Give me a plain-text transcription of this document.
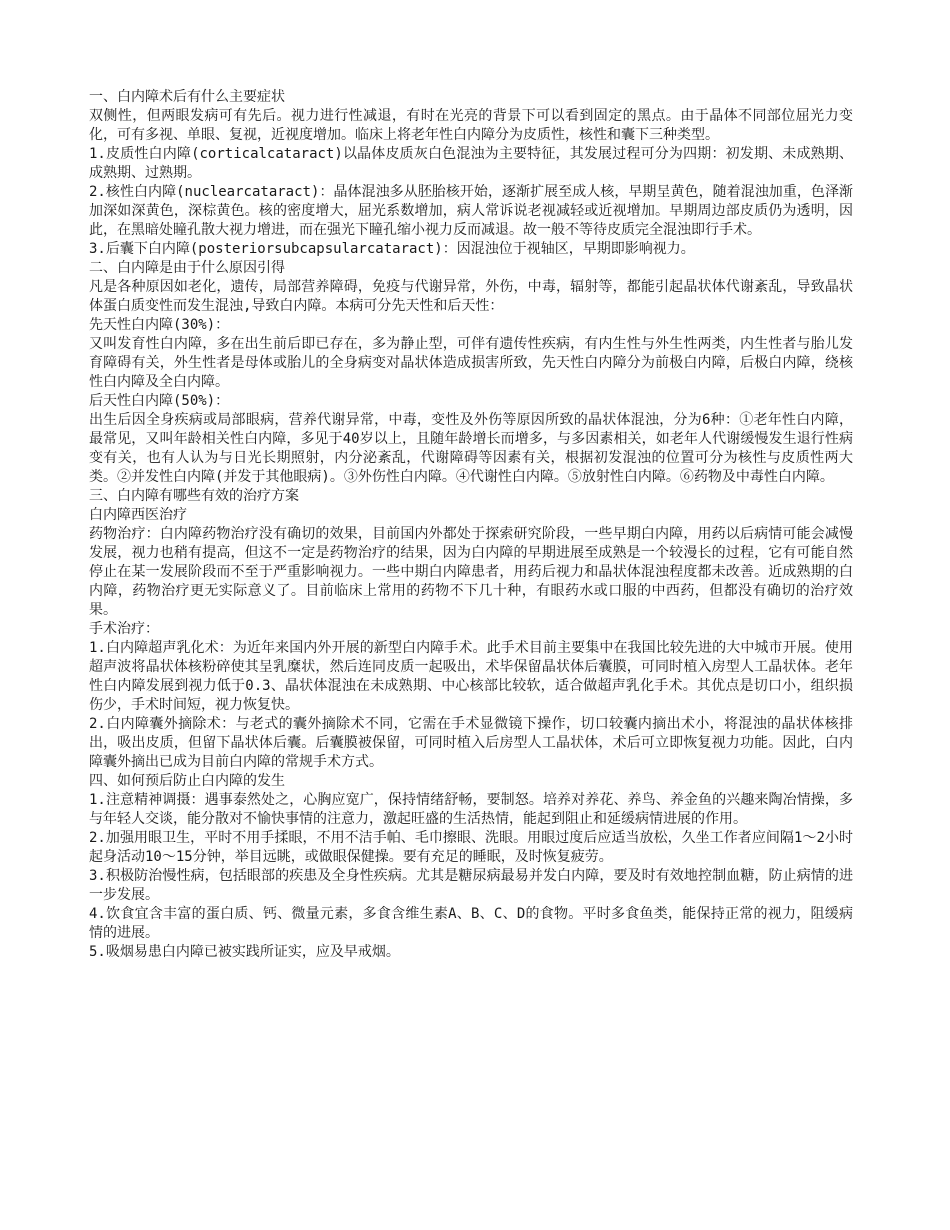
一、白内障术后有什么主要症状

双侧性，但两眼发病可有先后。视力进行性减退，有时在光亮的背景下可以看到固定的黑点。由于晶体不同部位屈光力变化，可有多视、单眼、复视，近视度增加。临床上将老年性白内障分为皮质性，核性和囊下三种类型。

1.皮质性白内障(corticalcataract)以晶体皮质灰白色混浊为主要特征，其发展过程可分为四期：初发期、未成熟期、成熟期、过熟期。

2.核性白内障(nuclearcataract)：晶体混浊多从胚胎核开始，逐渐扩展至成人核，早期呈黄色，随着混浊加重，色泽渐加深如深黄色，深棕黄色。核的密度增大，屈光系数增加，病人常诉说老视减轻或近视增加。早期周边部皮质仍为透明，因此，在黑暗处瞳孔散大视力增进，而在强光下瞳孔缩小视力反而减退。故一般不等待皮质完全混浊即行手术。

3.后囊下白内障(posteriorsubcapsularcataract)：因混浊位于视轴区，早期即影响视力。

二、白内障是由于什么原因引得

凡是各种原因如老化，遗传，局部营养障碍，免疫与代谢异常，外伤，中毒，辐射等，都能引起晶状体代谢紊乱，导致晶状体蛋白质变性而发生混浊,导致白内障。本病可分先天性和后天性：

先天性白内障(30%)：

又叫发育性白内障，多在出生前后即已存在，多为静止型，可伴有遗传性疾病，有内生性与外生性两类，内生性者与胎儿发育障碍有关，外生性者是母体或胎儿的全身病变对晶状体造成损害所致，先天性白内障分为前极白内障，后极白内障，绕核性白内障及全白内障。

后天性白内障(50%)：

出生后因全身疾病或局部眼病，营养代谢异常，中毒，变性及外伤等原因所致的晶状体混浊，分为6种：①老年性白内障，最常见，又叫年龄相关性白内障，多见于40岁以上，且随年龄增长而增多，与多因素相关，如老年人代谢缓慢发生退行性病变有关，也有人认为与日光长期照射，内分泌紊乱，代谢障碍等因素有关，根据初发混浊的位置可分为核性与皮质性两大类。②并发性白内障(并发于其他眼病)。③外伤性白内障。④代谢性白内障。⑤放射性白内障。⑥药物及中毒性白内障。

三、白内障有哪些有效的治疗方案

白内障西医治疗

药物治疗：白内障药物治疗没有确切的效果，目前国内外都处于探索研究阶段，一些早期白内障，用药以后病情可能会减慢发展，视力也稍有提高，但这不一定是药物治疗的结果，因为白内障的早期进展至成熟是一个较漫长的过程，它有可能自然停止在某一发展阶段而不至于严重影响视力。一些中期白内障患者，用药后视力和晶状体混浊程度都未改善。近成熟期的白内障，药物治疗更无实际意义了。目前临床上常用的药物不下几十种，有眼药水或口服的中西药，但都没有确切的治疗效果。

手术治疗：

1.白内障超声乳化术：为近年来国内外开展的新型白内障手术。此手术目前主要集中在我国比较先进的大中城市开展。使用超声波将晶状体核粉碎使其呈乳糜状，然后连同皮质一起吸出，术毕保留晶状体后囊膜，可同时植入房型人工晶状体。老年性白内障发展到视力低于0.3、晶状体混浊在未成熟期、中心核部比较软，适合做超声乳化手术。其优点是切口小，组织损伤少，手术时间短，视力恢复快。

2.白内障囊外摘除术：与老式的囊外摘除术不同，它需在手术显微镜下操作，切口较囊内摘出术小，将混浊的晶状体核排出，吸出皮质，但留下晶状体后囊。后囊膜被保留，可同时植入后房型人工晶状体，术后可立即恢复视力功能。因此，白内障囊外摘出已成为目前白内障的常规手术方式。

四、如何预后防止白内障的发生

1.注意精神调摄：遇事泰然处之，心胸应宽广，保持情绪舒畅，要制怒。培养对养花、养鸟、养金鱼的兴趣来陶冶情操，多与年轻人交谈，能分散对不愉快事情的注意力，激起旺盛的生活热情，能起到阻止和延缓病情进展的作用。

2.加强用眼卫生，平时不用手揉眼，不用不洁手帕、毛巾擦眼、洗眼。用眼过度后应适当放松，久坐工作者应间隔1～2小时起身活动10～15分钟，举目远眺，或做眼保健操。要有充足的睡眠，及时恢复疲劳。

3.积极防治慢性病，包括眼部的疾患及全身性疾病。尤其是糖尿病最易并发白内障，要及时有效地控制血糖，防止病情的进一步发展。

4.饮食宜含丰富的蛋白质、钙、微量元素，多食含维生素A、B、C、D的食物。平时多食鱼类，能保持正常的视力，阻缓病情的进展。

5.吸烟易患白内障已被实践所证实，应及早戒烟。
